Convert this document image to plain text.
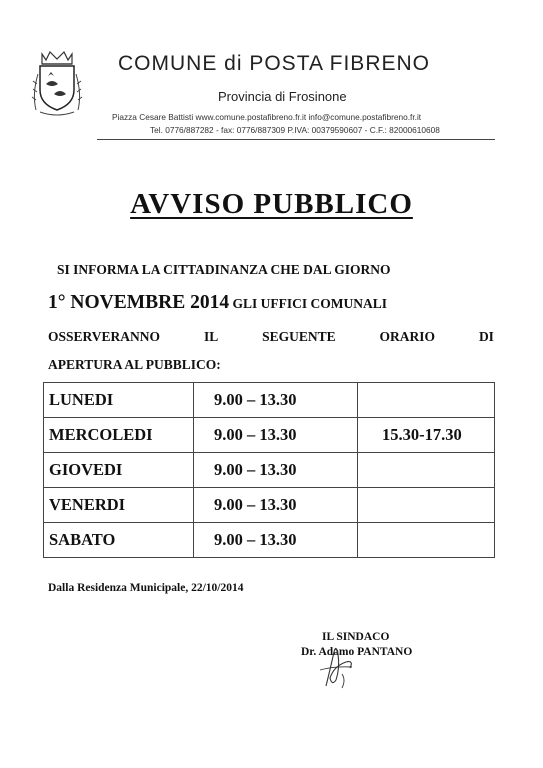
COMUNE di POSTA FIBRENO
Provincia di Frosinone
Piazza Cesare Battisti www.comune.postafibreno.fr.it info@comune.postafibreno.fr.it
Tel. 0776/887282 - fax: 0776/887309 P.IVA: 00379590607 - C.F.: 82000610608
AVVISO PUBBLICO
SI INFORMA LA CITTADINANZA CHE DAL GIORNO
1° NOVEMBRE 2014 GLI UFFICI COMUNALI
OSSERVERANNO	IL	SEGUENTE	ORARIO	DI
APERTURA AL PUBBLICO:
LUNEDI	9.00 – 13.30	
MERCOLEDI	9.00 – 13.30	15.30-17.30
GIOVEDI	9.00 – 13.30	
VENERDI	9.00 – 13.30	
SABATO	9.00 – 13.30	
Dalla Residenza Municipale, 22/10/2014
IL SINDACO
Dr. Adamo PANTANO
